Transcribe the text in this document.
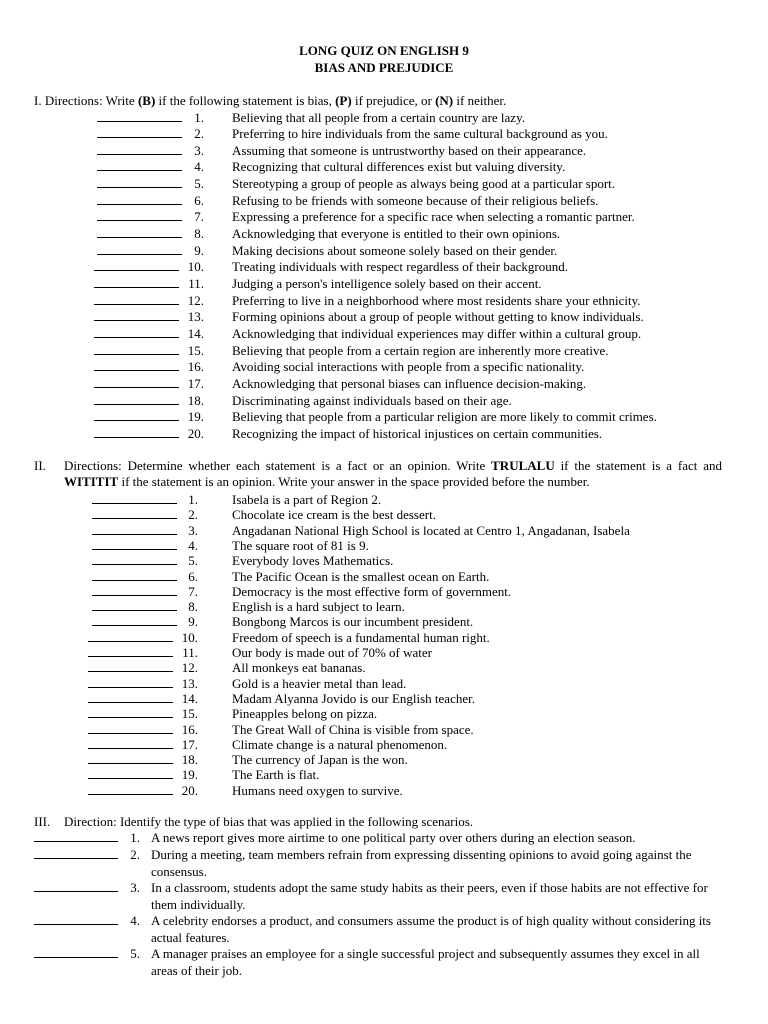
LONG QUIZ ON ENGLISH 9
BIAS AND PREJUDICE
I. Directions: Write (B) if the following statement is bias, (P) if prejudice, or (N) if neither.
1. Believing that all people from a certain country are lazy.
2. Preferring to hire individuals from the same cultural background as you.
3. Assuming that someone is untrustworthy based on their appearance.
4. Recognizing that cultural differences exist but valuing diversity.
5. Stereotyping a group of people as always being good at a particular sport.
6. Refusing to be friends with someone because of their religious beliefs.
7. Expressing a preference for a specific race when selecting a romantic partner.
8. Acknowledging that everyone is entitled to their own opinions.
9. Making decisions about someone solely based on their gender.
10. Treating individuals with respect regardless of their background.
11. Judging a person's intelligence solely based on their accent.
12. Preferring to live in a neighborhood where most residents share your ethnicity.
13. Forming opinions about a group of people without getting to know individuals.
14. Acknowledging that individual experiences may differ within a cultural group.
15. Believing that people from a certain region are inherently more creative.
16. Avoiding social interactions with people from a specific nationality.
17. Acknowledging that personal biases can influence decision-making.
18. Discriminating against individuals based on their age.
19. Believing that people from a particular religion are more likely to commit crimes.
20. Recognizing the impact of historical injustices on certain communities.
II. Directions: Determine whether each statement is a fact or an opinion. Write TRULALU if the statement is a fact and WITITIT if the statement is an opinion. Write your answer in the space provided before the number.
1.	Isabela is a part of Region 2.
2.	Chocolate ice cream is the best dessert.
3.	Angadanan National High School is located at Centro 1, Angadanan, Isabela
4.	The square root of 81 is 9.
5.	Everybody loves Mathematics.
6.	The Pacific Ocean is the smallest ocean on Earth.
7.	Democracy is the most effective form of government.
8.	English is a hard subject to learn.
9.	Bongbong Marcos is our incumbent president.
10.	Freedom of speech is a fundamental human right.
11.	Our body is made out of 70% of water
12.	All monkeys eat bananas.
13.	Gold is a heavier metal than lead.
14.	Madam Alyanna Jovido is our English teacher.
15.	Pineapples belong on pizza.
16.	The Great Wall of China is visible from space.
17.	Climate change is a natural phenomenon.
18.	The currency of Japan is the won.
19.	The Earth is flat.
20.	Humans need oxygen to survive.
III. Direction: Identify the type of bias that was applied in the following scenarios.
1. A news report gives more airtime to one political party over others during an election season.
2. During a meeting, team members refrain from expressing dissenting opinions to avoid going against the consensus.
3. In a classroom, students adopt the same study habits as their peers, even if those habits are not effective for them individually.
4. A celebrity endorses a product, and consumers assume the product is of high quality without considering its actual features.
5. A manager praises an employee for a single successful project and subsequently assumes they excel in all areas of their job.
